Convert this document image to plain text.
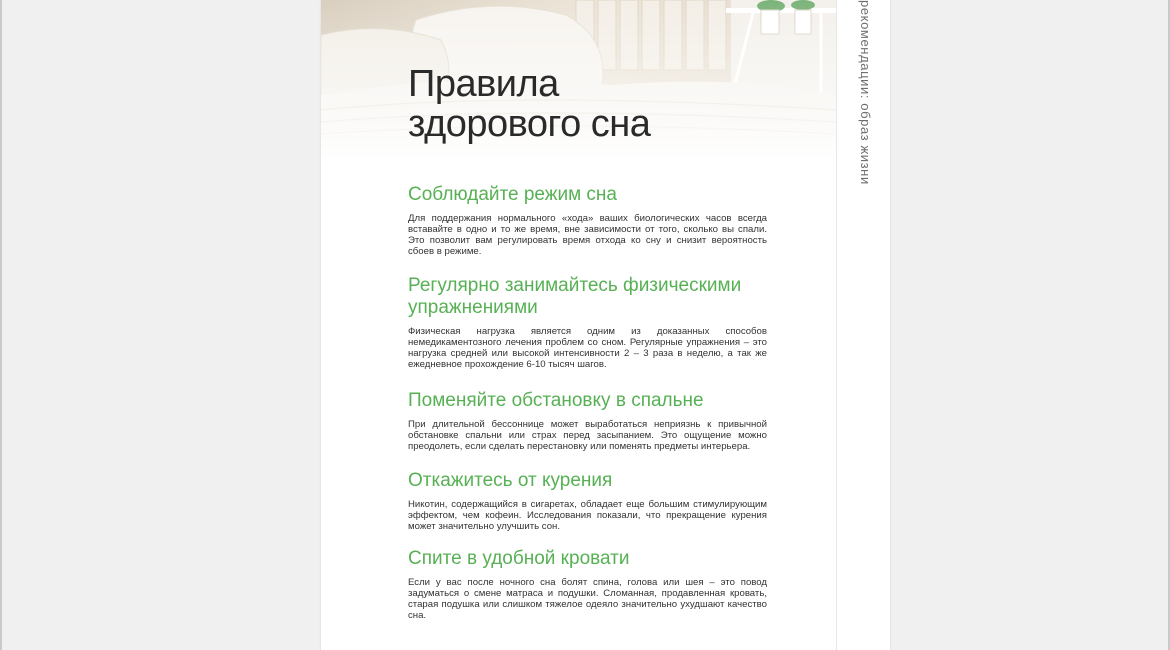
рекомендации: образ жизни
Правила
здорового сна
Соблюдайте режим сна

Для поддержания нормального «хода» ваших биологических часов всегда вставайте в одно и то же время, вне зависимости от того, сколько вы спали. Это позволит вам регулировать время отхода ко сну и снизит вероятность сбоев в режиме.

Регулярно занимайтесь физическими упражнениями

Физическая нагрузка является одним из доказанных способов немедикаментозного лечения проблем со сном. Регулярные упражнения – это нагрузка средней или высокой интенсивности 2 – 3 раза в неделю, а так же ежедневное прохождение 6-10 тысяч шагов.

Поменяйте обстановку в спальне

При длительной бессоннице может выработаться неприязнь к привычной обстановке спальни или страх перед засыпанием. Это ощущение можно преодолеть, если сделать перестановку или поменять предметы интерьера.

Откажитесь от курения

Никотин, содержащийся в сигаретах, обладает еще большим стимулирующим эффектом, чем кофеин. Исследования показали, что прекращение курения может значительно улучшить сон.

Спите в удобной кровати

Если у вас после ночного сна болят спина, голова или шея – это повод задуматься о смене матраса и подушки. Сломанная, продавленная кровать, старая подушка или слишком тяжелое одеяло значительно ухудшают качество сна.
